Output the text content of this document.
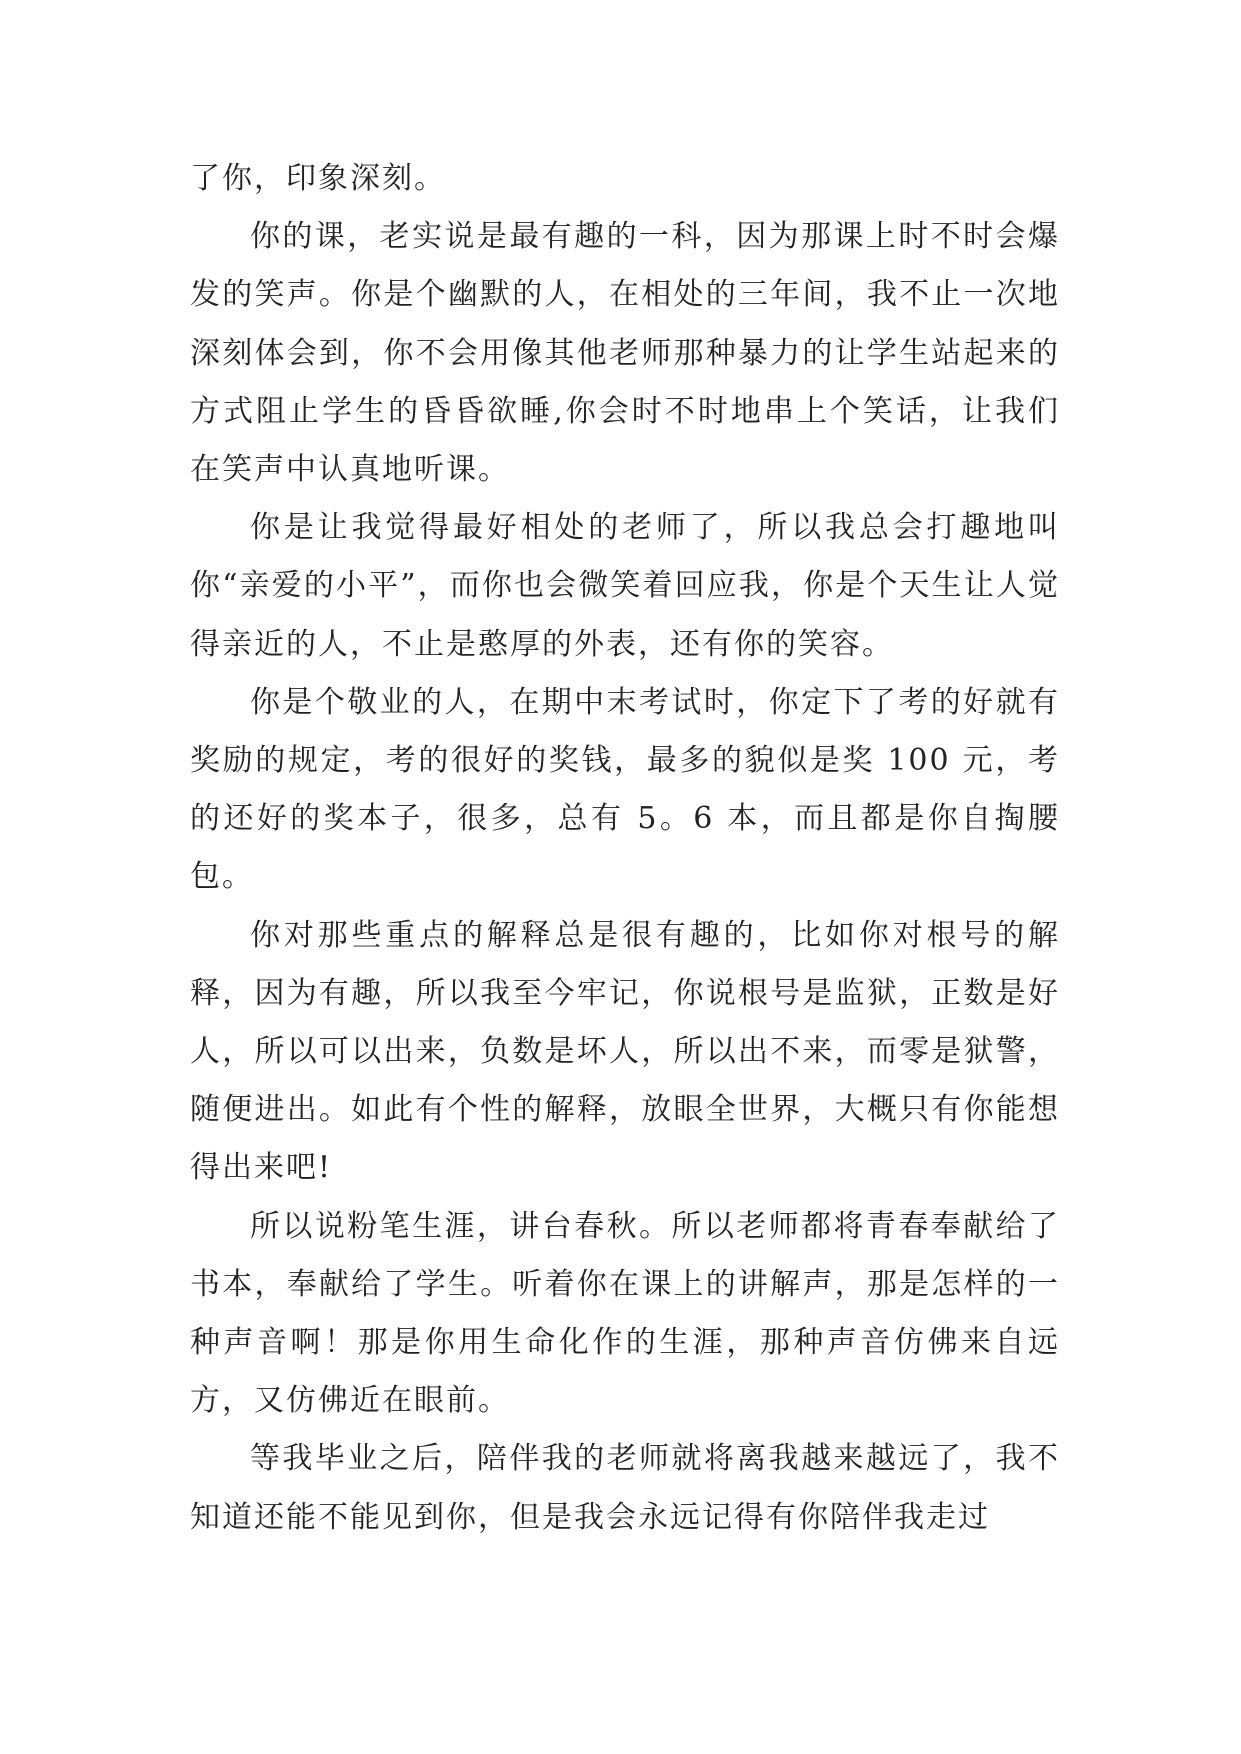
了你，印象深刻。

你的课，老实说是最有趣的一科，因为那课上时不时会爆发的笑声。你是个幽默的人，在相处的三年间，我不止一次地深刻体会到，你不会用像其他老师那种暴力的让学生站起来的方式阻止学生的昏昏欲睡,你会时不时地串上个笑话，让我们在笑声中认真地听课。

你是让我觉得最好相处的老师了，所以我总会打趣地叫你“亲爱的小平”，而你也会微笑着回应我，你是个天生让人觉得亲近的人，不止是憨厚的外表，还有你的笑容。

你是个敬业的人，在期中末考试时，你定下了考的好就有奖励的规定，考的很好的奖钱，最多的貌似是奖 100 元，考的还好的奖本子，很多，总有 5。6 本，而且都是你自掏腰包。

你对那些重点的解释总是很有趣的，比如你对根号的解释，因为有趣，所以我至今牢记，你说根号是监狱，正数是好人，所以可以出来，负数是坏人，所以出不来，而零是狱警，随便进出。如此有个性的解释，放眼全世界，大概只有你能想得出来吧!

所以说粉笔生涯，讲台春秋。所以老师都将青春奉献给了书本，奉献给了学生。听着你在课上的讲解声，那是怎样的一种声音啊！那是你用生命化作的生涯，那种声音仿佛来自远方，又仿佛近在眼前。

等我毕业之后，陪伴我的老师就将离我越来越远了，我不知道还能不能见到你，但是我会永远记得有你陪伴我走过
